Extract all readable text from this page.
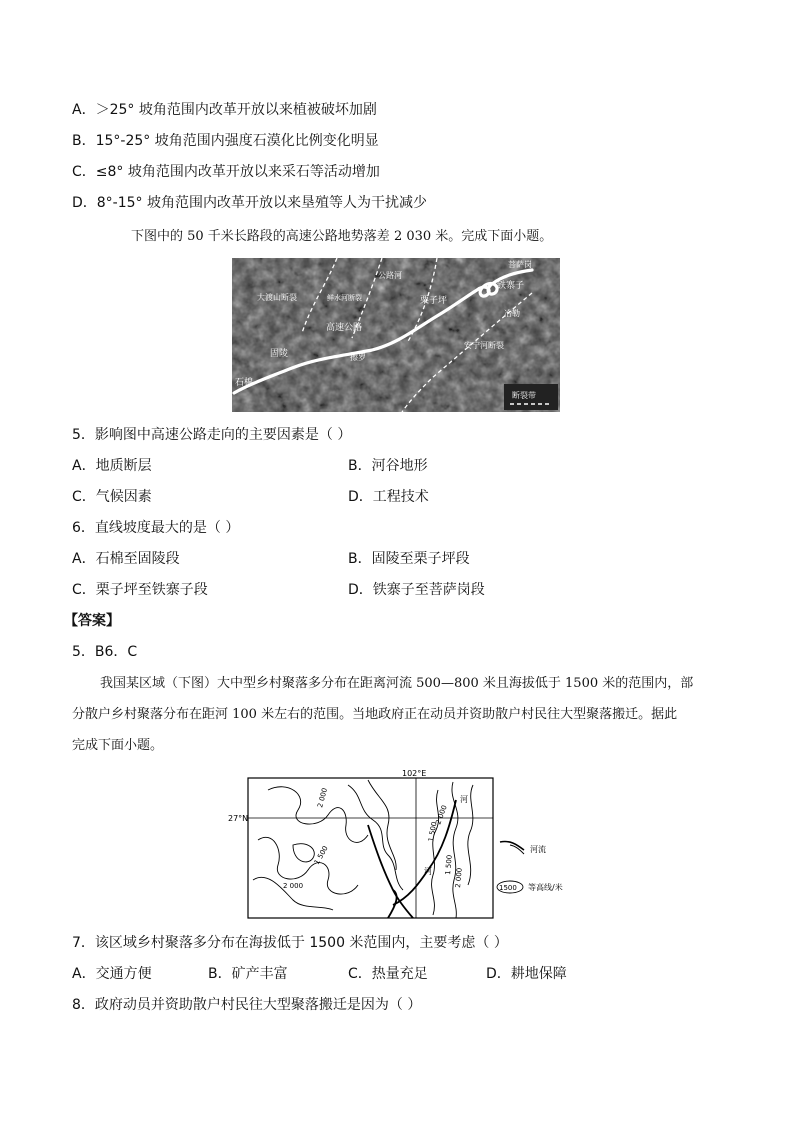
A．＞25° 坡角范围内改革开放以来植被破坏加剧
B．15°-25° 坡角范围内强度石漠化比例变化明显
C．≤8° 坡角范围内改革开放以来采石等活动增加
D．8°-15° 坡角范围内改革开放以来垦殖等人为干扰减少
下图中的 50 千米长路段的高速公路地势落差 2 030 米。完成下面小题。
菩萨岗
铁寨子
公路河
栗子坪
大渡山断裂	鲜水河断裂
冶勒
高速公路
固陵
安宁河断裂
石棉
擦罗
断裂带
5．影响图中高速公路走向的主要因素是（ ）
A．地质断层	B．河谷地形
C．气候因素	D．工程技术
6．直线坡度最大的是（ ）
A．石棉至固陵段	B．固陵至栗子坪段
C．栗子坪至铁寨子段	D．铁寨子至菩萨岗段
【答案】
5．B6．C
我国某区域（下图）大中型乡村聚落多分布在距离河流 500—800 米且海拔低于 1500 米的范围内，部
分散户乡村聚落分布在距河 100 米左右的范围。当地政府正在动员并资助散户村民往大型聚落搬迁。据此
完成下面小题。
102°E
27°N
2 000
2 000
2 000
2 000
1 500
1 500
1 500
河
河
河流
1500 等高线/米
7．该区域乡村聚落多分布在海拔低于 1500 米范围内，主要考虑（ ）
A．交通方便	B．矿产丰富	C．热量充足	D．耕地保障
8．政府动员并资助散户村民往大型聚落搬迁是因为（ ）
